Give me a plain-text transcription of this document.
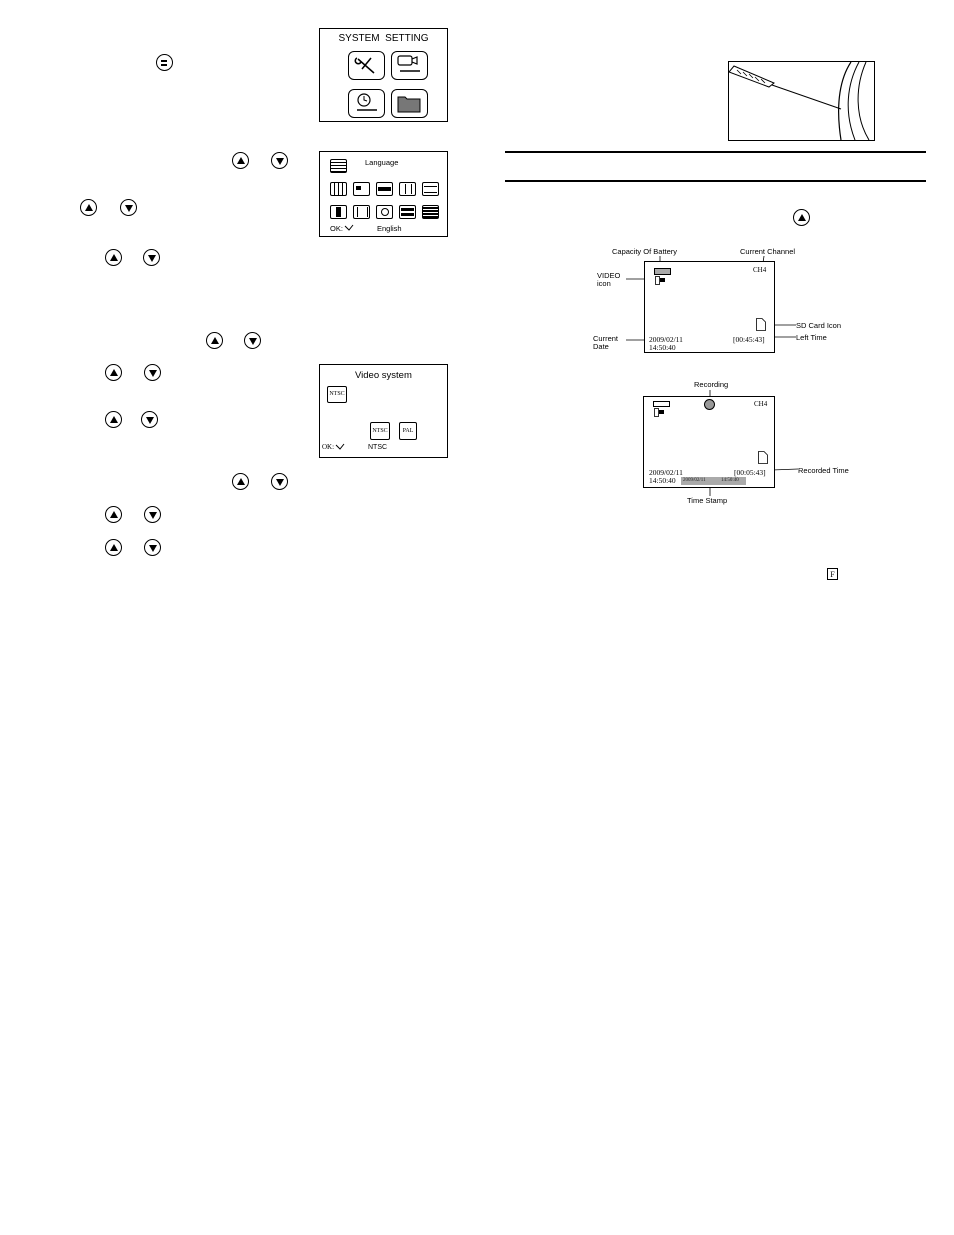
SYSTEM  SETTING
Language
OK:	English
Video system
NTSC
NTSC	PAL
OK:	NTSC
Capacity Of Battery	Current Channel
VIDEO
icon
Current
Date
SD Card Icon
Left Time
CH4
2009/02/11
14:50:40
[00:45:43]
Recording
Recorded Time
Time Stamp
CH4
2009/02/11
14:50:40
[00:05:43]
2009/02/11	14:50:40
F
